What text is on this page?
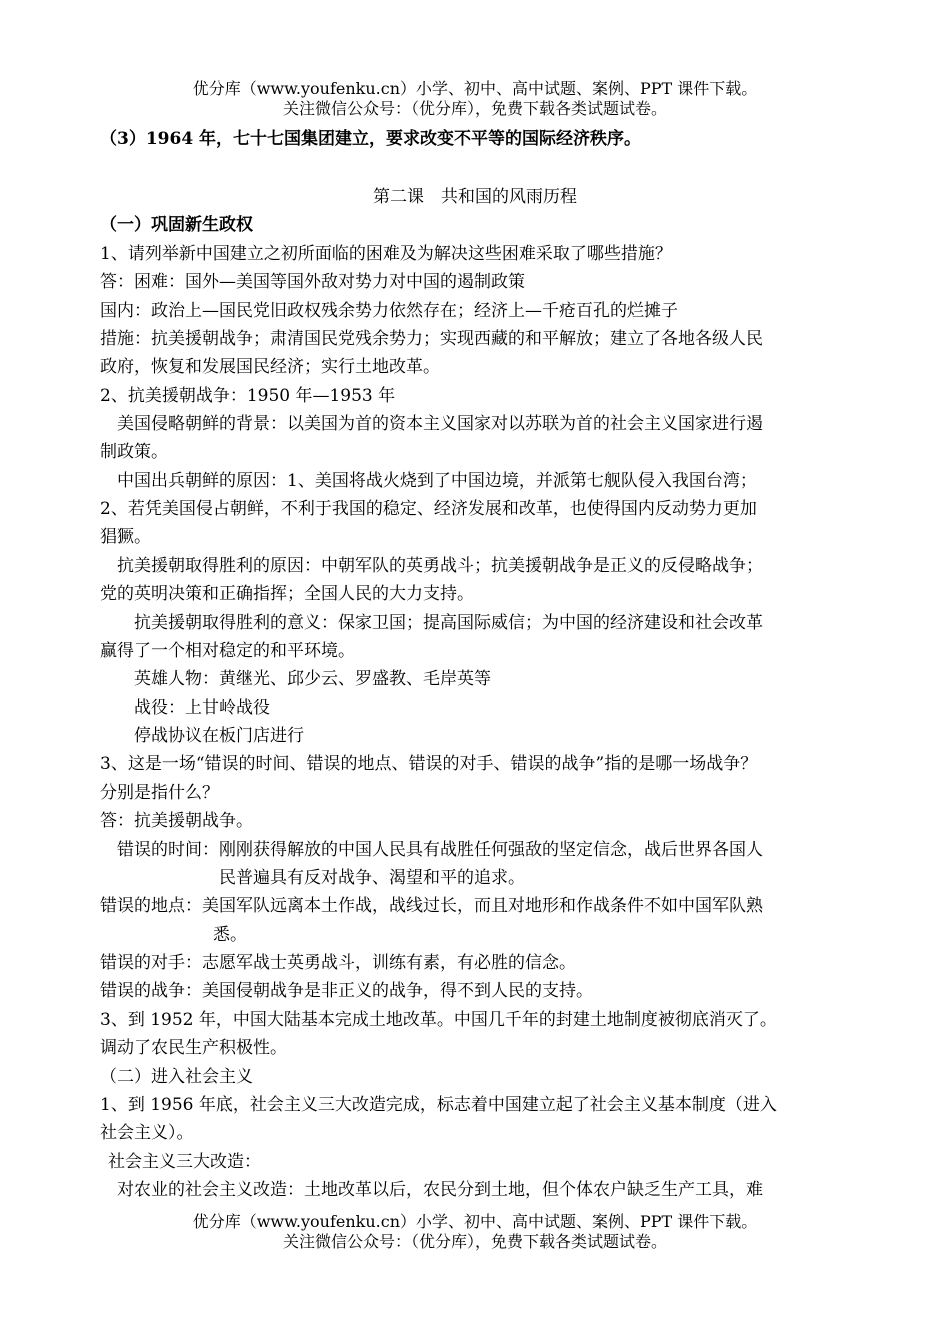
优分库（www.youfenku.cn）小学、初中、高中试题、案例、PPT 课件下载。
关注微信公众号：（优分库），免费下载各类试题试卷。
（3）1964 年，七十七国集团建立，要求改变不平等的国际经济秩序。
第二课　共和国的风雨历程
（一）巩固新生政权
1、请列举新中国建立之初所面临的困难及为解决这些困难采取了哪些措施？
答：困难：国外—美国等国外敌对势力对中国的遏制政策
国内：政治上—国民党旧政权残余势力依然存在；经济上—千疮百孔的烂摊子
措施：抗美援朝战争；肃清国民党残余势力；实现西藏的和平解放；建立了各地各级人民
政府，恢复和发展国民经济；实行土地改革。
2、抗美援朝战争：1950 年—1953 年
美国侵略朝鲜的背景：以美国为首的资本主义国家对以苏联为首的社会主义国家进行遏
制政策。
中国出兵朝鲜的原因：1、美国将战火烧到了中国边境，并派第七舰队侵入我国台湾；
2、若凭美国侵占朝鲜，不利于我国的稳定、经济发展和改革，也使得国内反动势力更加
猖獗。
抗美援朝取得胜利的原因：中朝军队的英勇战斗；抗美援朝战争是正义的反侵略战争；
党的英明决策和正确指挥；全国人民的大力支持。
抗美援朝取得胜利的意义：保家卫国；提高国际威信；为中国的经济建设和社会改革
赢得了一个相对稳定的和平环境。
英雄人物：黄继光、邱少云、罗盛教、毛岸英等
战役：上甘岭战役
停战协议在板门店进行
3、这是一场“错误的时间、错误的地点、错误的对手、错误的战争”指的是哪一场战争？
分别是指什么？
答：抗美援朝战争。
错误的时间：刚刚获得解放的中国人民具有战胜任何强敌的坚定信念，战后世界各国人
民普遍具有反对战争、渴望和平的追求。
错误的地点：美国军队远离本土作战，战线过长，而且对地形和作战条件不如中国军队熟
悉。
错误的对手：志愿军战士英勇战斗，训练有素，有必胜的信念。
错误的战争：美国侵朝战争是非正义的战争，得不到人民的支持。
3、到 1952 年，中国大陆基本完成土地改革。中国几千年的封建土地制度被彻底消灭了。
调动了农民生产积极性。
（二）进入社会主义
1、到 1956 年底，社会主义三大改造完成，标志着中国建立起了社会主义基本制度（进入
社会主义）。
社会主义三大改造：
对农业的社会主义改造：土地改革以后，农民分到土地，但个体农户缺乏生产工具，难
优分库（www.youfenku.cn）小学、初中、高中试题、案例、PPT 课件下载。
关注微信公众号：（优分库），免费下载各类试题试卷。
